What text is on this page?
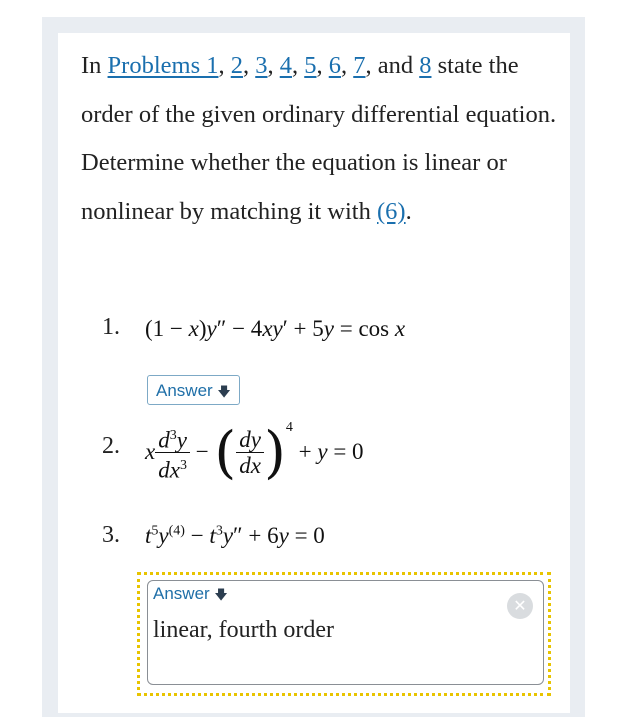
In Problems 1, 2, 3, 4, 5, 6, 7, and 8 state the order of the given ordinary differential equation. Determine whether the equation is linear or nonlinear by matching it with (6).
1. (1 − x)y″ − 4xy′ + 5y = cos x
Answer 🡇
2. x $\frac{d^3y}{dx^3}$ − ( $\frac{dy}{dx} )^4 + y = 0$
3. $t^5y^{(4)} - t^3y'' + 6y = 0$
Answer 🡇
linear, fourth order
✕
